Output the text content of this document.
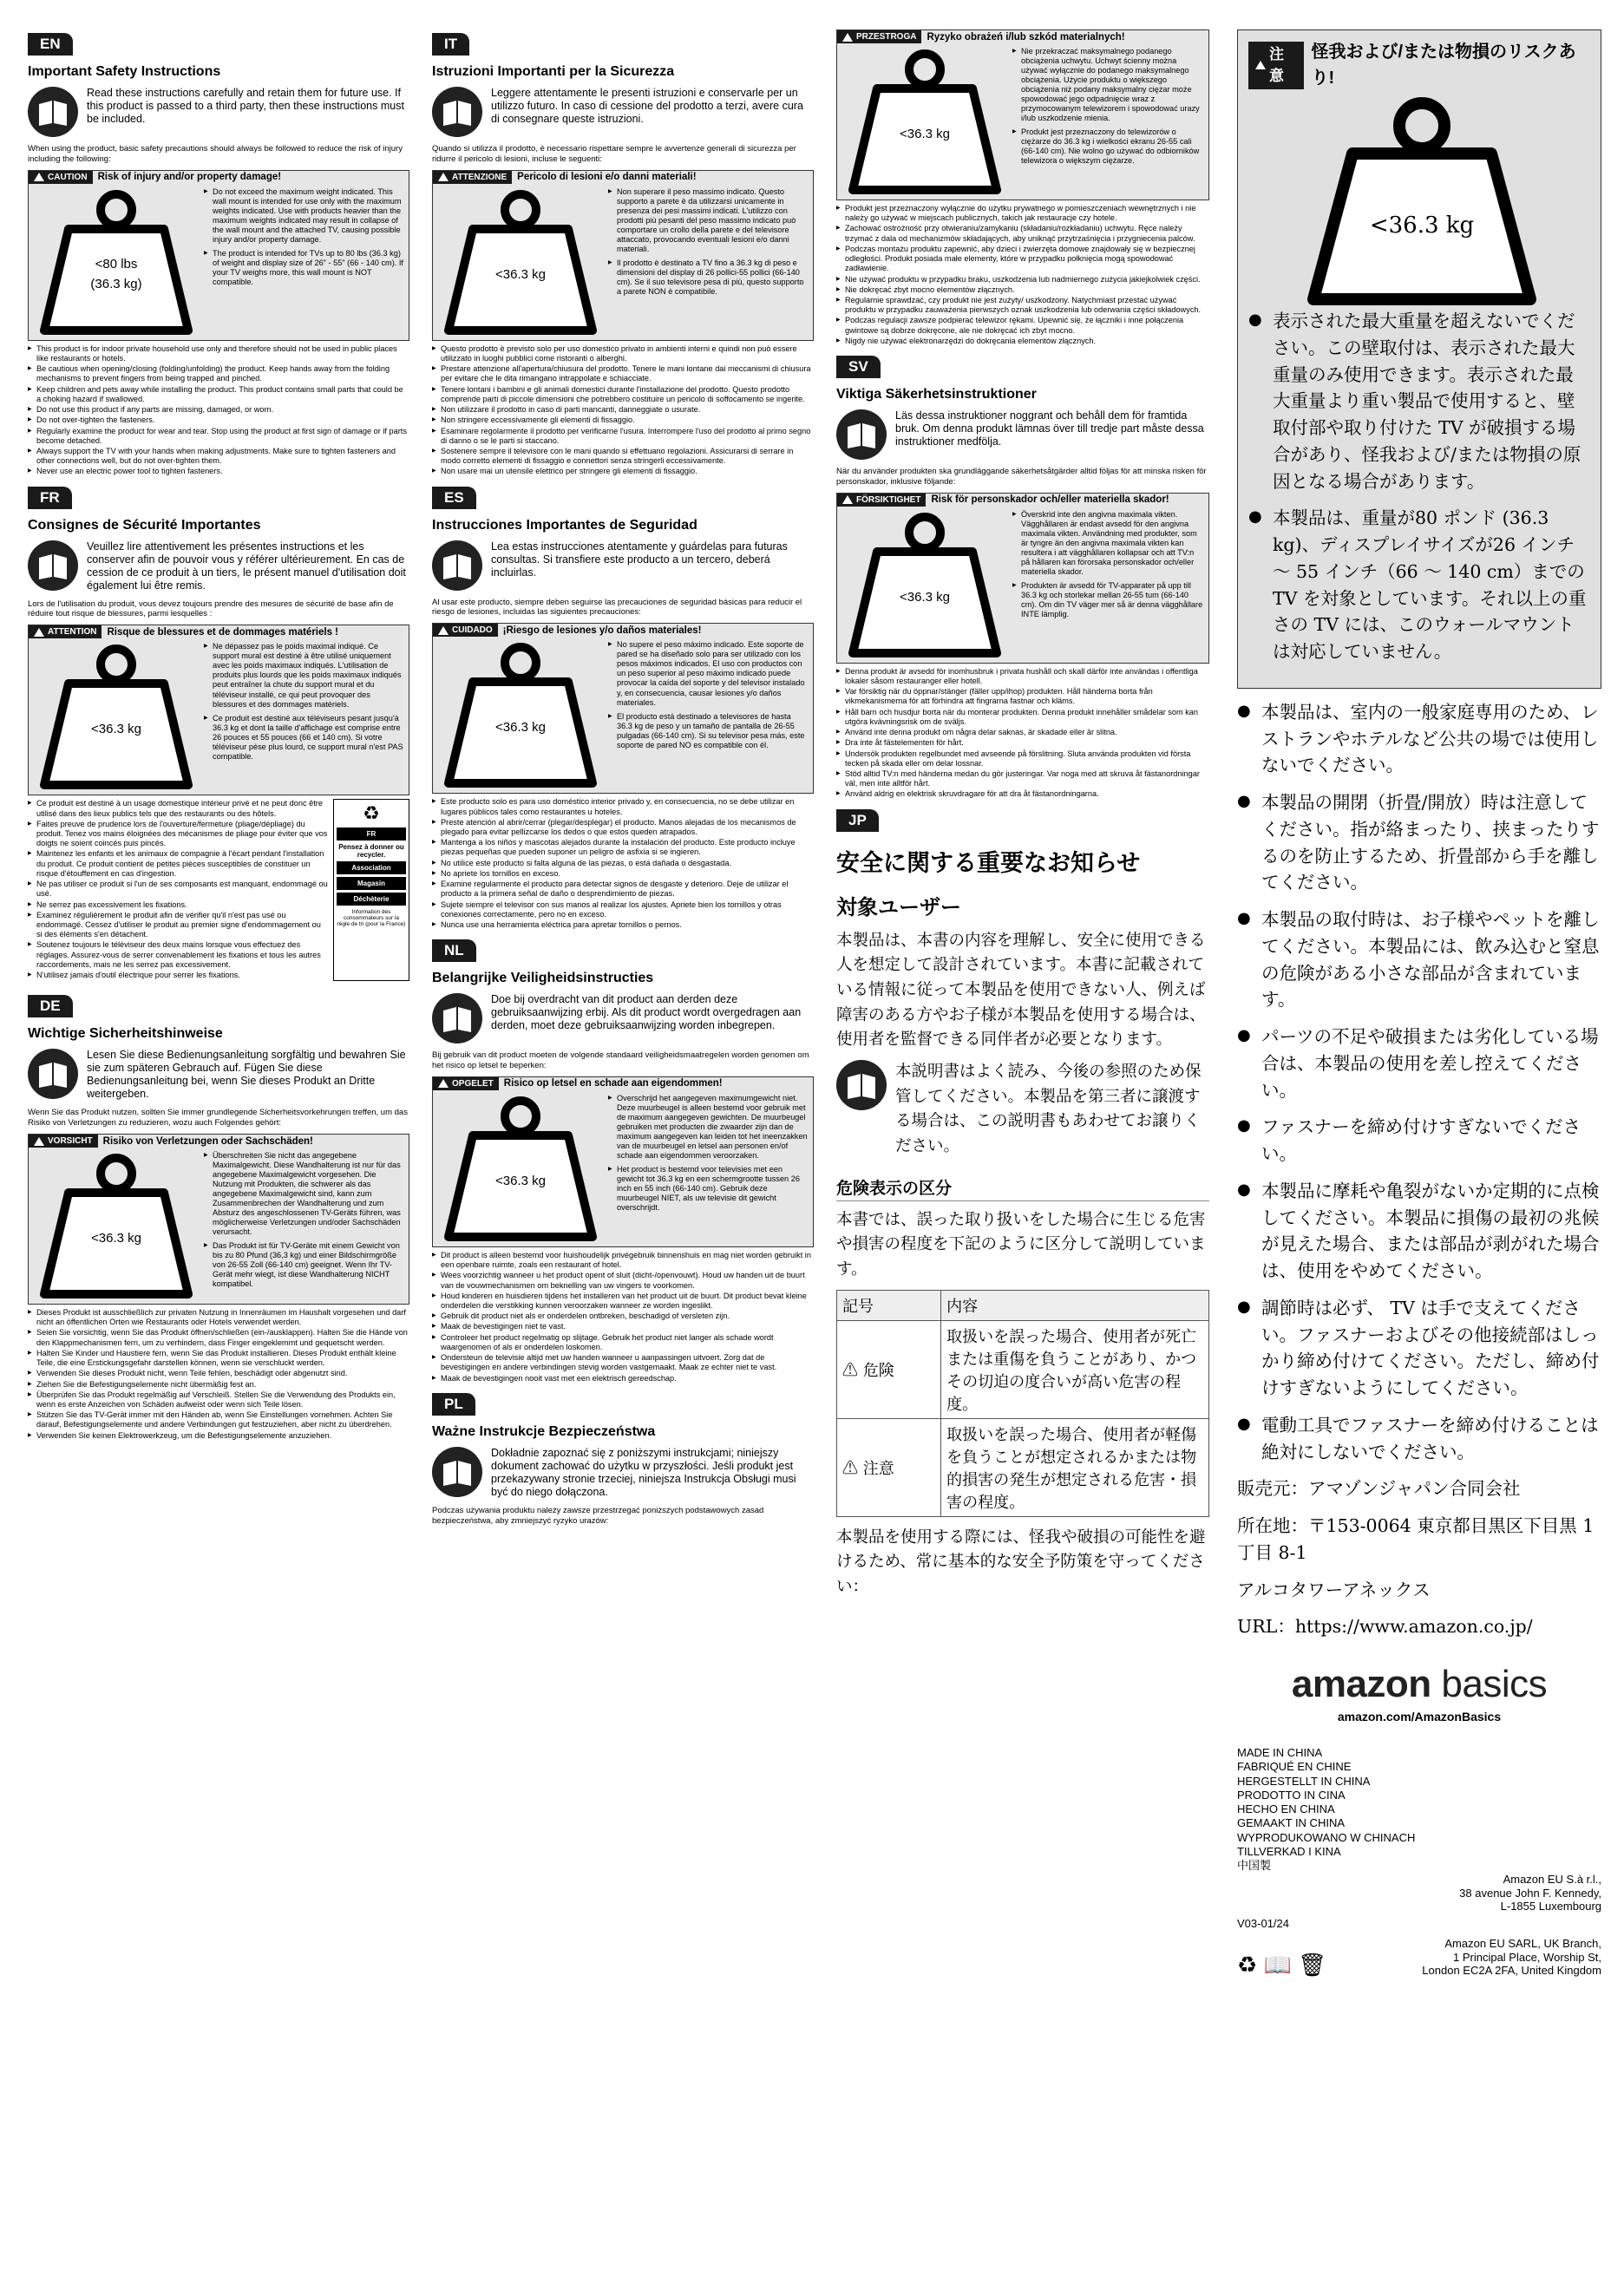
EN
Important Safety Instructions
Read these instructions carefully and retain them for future use. If this product is passed to a third party, then these instructions must be included.
When using the product, basic safety precautions should always be followed to reduce the risk of injury including the following:
CAUTION Risk of injury and/or property damage!
<80 lbs
(36.3 kg)

▶ Do not exceed the maximum weight indicated. This wall mount is intended for use only with the maximum weights indicated. Use with products heavier than the maximum weights indicated may result in collapse of the wall mount and the attached TV, causing possible injury and/or property damage.

▶ The product is intended for TVs up to 80 lbs (36.3 kg) of weight and display size of 26" - 55" (66 - 140 cm). If your TV weighs more, this wall mount is NOT compatible.

▶ This product is for indoor private household use only and therefore should not be used in public places like restaurants or hotels.

▶ Be cautious when opening/closing (folding/unfolding) the product. Keep hands away from the folding mechanisms to prevent fingers from being trapped and pinched.

▶ Keep children and pets away while installing the product. This product contains small parts that could be a choking hazard if swallowed.

▶ Do not use this product if any parts are missing, damaged, or worn.

▶ Do not over-tighten the fasteners.

▶ Regularly examine the product for wear and tear. Stop using the product at first sign of damage or if parts become detached.

▶ Always support the TV with your hands when making adjustments. Make sure to tighten fasteners and other connections well, but do not over-tighten them.

▶ Never use an electric power tool to tighten fasteners.

FR
Consignes de Sécurité Importantes
Veuillez lire attentivement les présentes instructions et les conserver afin de pouvoir vous y référer ultérieurement. En cas de cession de ce produit à un tiers, le présent manuel d'utilisation doit également lui être remis.
Lors de l'utilisation du produit, vous devez toujours prendre des mesures de sécurité de base afin de réduire tout risque de blessures, parmi lesquelles :
ATTENTION Risque de blessures et de dommages matériels !
<36.3 kg

▶ Ne dépassez pas le poids maximal indiqué. Ce support mural est destiné à être utilisé uniquement avec les poids maximaux indiqués. L'utilisation de produits plus lourds que les poids maximaux indiqués peut entraîner la chute du support mural et du téléviseur installé, ce qui peut provoquer des blessures et des dommages matériels.

▶ Ce produit est destiné aux téléviseurs pesant jusqu'à 36.3 kg et dont la taille d'affichage est comprise entre 26 pouces et 55 pouces (66 et 140 cm). Si votre téléviseur pèse plus lourd, ce support mural n'est PAS compatible.

▶ Ce produit est destiné à un usage domestique intérieur privé et ne peut donc être utilisé dans des lieux publics tels que des restaurants ou des hôtels.

▶ Faites preuve de prudence lors de l'ouverture/fermeture (pliage/dépliage) du produit. Tenez vos mains éloignées des mécanismes de pliage pour éviter que vos doigts ne soient coincés puis pincés.

▶ Maintenez les enfants et les animaux de compagnie à l'écart pendant l'installation du produit. Ce produit contient de petites pièces susceptibles de constituer un risque d'étouffement en cas d'ingestion.

▶ Ne pas utiliser ce produit si l'un de ses composants est manquant, endommagé ou usé.

▶ Ne serrez pas excessivement les fixations.

▶ Examinez régulièrement le produit afin de vérifier qu'il n'est pas usé ou endommagé. Cessez d'utiliser le produit au premier signe d'endommagement ou si des éléments s'en détachent.

▶ Soutenez toujours le téléviseur des deux mains lorsque vous effectuez des réglages. Assurez-vous de serrer convenablement les fixations et tous les autres raccordements, mais ne les serrez pas excessivement.

▶ N'utilisez jamais d'outil électrique pour serrer les fixations.

♻
FR
Pensez à donner ou recycler.
Association
Magasin
Déchèterie
Information des consommateurs sur la règle de tri (pour la France)
DE
Wichtige Sicherheitshinweise
Lesen Sie diese Bedienungsanleitung sorgfältig und bewahren Sie sie zum späteren Gebrauch auf. Fügen Sie diese Bedienungsanleitung bei, wenn Sie dieses Produkt an Dritte weitergeben.
Wenn Sie das Produkt nutzen, sollten Sie immer grundlegende Sicherheitsvorkehrungen treffen, um das Risiko von Verletzungen zu reduzieren, wozu auch Folgendes gehört:
VORSICHT Risiko von Verletzungen oder Sachschäden!
<36.3 kg

▶ Überschreiten Sie nicht das angegebene Maximalgewicht. Diese Wandhalterung ist nur für das angegebene Maximalgewicht vorgesehen. Die Nutzung mit Produkten, die schwerer als das angegebene Maximalgewicht sind, kann zum Zusammenbrechen der Wandhalterung und zum Absturz des angeschlossenen TV-Geräts führen, was möglicherweise Verletzungen und/oder Sachschäden verursacht.

▶ Das Produkt ist für TV-Geräte mit einem Gewicht von bis zu 80 Pfund (36,3 kg) und einer Bildschirmgröße von 26-55 Zoll (66-140 cm) geeignet. Wenn Ihr TV-Gerät mehr wiegt, ist diese Wandhalterung NICHT kompatibel.

▶ Dieses Produkt ist ausschließlich zur privaten Nutzung in Innenräumen im Haushalt vorgesehen und darf nicht an öffentlichen Orten wie Restaurants oder Hotels verwendet werden.

▶ Seien Sie vorsichtig, wenn Sie das Produkt öffnen/schließen (ein-/ausklappen). Halten Sie die Hände von den Klappmechanismen fern, um zu verhindern, dass Finger eingeklemmt und gequetscht werden.

▶ Halten Sie Kinder und Haustiere fern, wenn Sie das Produkt installieren. Dieses Produkt enthält kleine Teile, die eine Erstickungsgefahr darstellen können, wenn sie verschluckt werden.

▶ Verwenden Sie dieses Produkt nicht, wenn Teile fehlen, beschädigt oder abgenutzt sind.

▶ Ziehen Sie die Befestigungselemente nicht übermäßig fest an.

▶ Überprüfen Sie das Produkt regelmäßig auf Verschleiß. Stellen Sie die Verwendung des Produkts ein, wenn es erste Anzeichen von Schäden aufweist oder wenn sich Teile lösen.

▶ Stützen Sie das TV-Gerät immer mit den Händen ab, wenn Sie Einstellungen vornehmen. Achten Sie darauf, Befestigungselemente und andere Verbindungen gut festzuziehen, aber nicht zu überdrehen.

▶ Verwenden Sie keinen Elektrowerkzeug, um die Befestigungselemente anzuziehen.

IT
Istruzioni Importanti per la Sicurezza
Leggere attentamente le presenti istruzioni e conservarle per un utilizzo futuro. In caso di cessione del prodotto a terzi, avere cura di consegnare queste istruzioni.
Quando si utilizza il prodotto, è necessario rispettare sempre le avvertenze generali di sicurezza per ridurre il pericolo di lesioni, incluse le seguenti:
ATTENZIONE Pericolo di lesioni e/o danni materiali!
<36.3 kg

▶ Non superare il peso massimo indicato. Questo supporto a parete è da utilizzarsi unicamente in presenza dei pesi massimi indicati. L'utilizzo con prodotti più pesanti del peso massimo indicato può comportare un crollo della parete e del televisore attaccato, provocando eventuali lesioni e/o danni materiali.

▶ Il prodotto è destinato a TV fino a 36.3 kg di peso e dimensioni del display di 26 pollici-55 pollici (66-140 cm). Se il suo televisore pesa di più, questo supporto a parete NON è compatibile.

▶ Questo prodotto è previsto solo per uso domestico privato in ambienti interni e quindi non può essere utilizzato in luoghi pubblici come ristoranti o alberghi.

▶ Prestare attenzione all'apertura/chiusura del prodotto. Tenere le mani lontane dai meccanismi di chiusura per evitare che le dita rimangano intrappolate e schiacciate.

▶ Tenere lontani i bambini e gli animali domestici durante l'installazione del prodotto. Questo prodotto comprende parti di piccole dimensioni che potrebbero costituire un pericolo di soffocamento se ingerite.

▶ Non utilizzare il prodotto in caso di parti mancanti, danneggiate o usurate.

▶ Non stringere eccessivamente gli elementi di fissaggio.

▶ Esaminare regolarmente il prodotto per verificarne l'usura. Interrompere l'uso del prodotto al primo segno di danno o se le parti si staccano.

▶ Sostenere sempre il televisore con le mani quando si effettuano regolazioni. Assicurarsi di serrare in modo corretto elementi di fissaggio e connettori senza stringerli eccessivamente.

▶ Non usare mai un utensile elettrico per stringere gli elementi di fissaggio.

ES
Instrucciones Importantes de Seguridad
Lea estas instrucciones atentamente y guárdelas para futuras consultas. Si transfiere este producto a un tercero, deberá incluirlas.
Al usar este producto, siempre deben seguirse las precauciones de seguridad básicas para reducir el riesgo de lesiones, incluidas las siguientes precauciones:
CUIDADO ¡Riesgo de lesiones y/o daños materiales!
<36.3 kg

▶ No supere el peso máximo indicado. Este soporte de pared se ha diseñado solo para ser utilizado con los pesos máximos indicados. El uso con productos con un peso superior al peso máximo indicado puede provocar la caída del soporte y del televisor instalado y, en consecuencia, causar lesiones y/o daños materiales.

▶ El producto está destinado a televisores de hasta 36.3 kg de peso y un tamaño de pantalla de 26-55 pulgadas (66-140 cm). Si su televisor pesa más, este soporte de pared NO es compatible con él.

▶ Este producto solo es para uso doméstico interior privado y, en consecuencia, no se debe utilizar en lugares públicos tales como restaurantes u hoteles.

▶ Preste atención al abrir/cerrar (plegar/desplegar) el producto. Manos alejadas de los mecanismos de plegado para evitar pellizcarse los dedos o que estos queden atrapados.

▶ Mantenga a los niños y mascotas alejados durante la instalación del producto. Este producto incluye piezas pequeñas que pueden suponer un peligro de asfixia si se ingieren.

▶ No utilice este producto si falta alguna de las piezas, o está dañada o desgastada.

▶ No apriete los tornillos en exceso.

▶ Examine regularmente el producto para detectar signos de desgaste y deterioro. Deje de utilizar el producto a la primera señal de daño o desprendimiento de piezas.

▶ Sujete siempre el televisor con sus manos al realizar los ajustes. Apriete bien los tornillos y otras conexiones correctamente, pero no en exceso.

▶ Nunca use una herramienta eléctrica para apretar tornillos o pernos.

NL
Belangrijke Veiligheidsinstructies
Doe bij overdracht van dit product aan derden deze gebruiksaanwijzing erbij. Als dit product wordt overgedragen aan derden, moet deze gebruiksaanwijzing worden inbegrepen.
Bij gebruik van dit product moeten de volgende standaard veiligheidsmaatregelen worden genomen om het risico op letsel te beperken:
OPGELET Risico op letsel en schade aan eigendommen!
<36.3 kg

▶ Overschrijd het aangegeven maximumgewicht niet. Deze muurbeugel is alleen bestemd voor gebruik met de maximum aangegeven gewichten. De muurbeugel gebruiken met producten die zwaarder zijn dan de maximum aangegeven kan leiden tot het ineenzakken van de muurbeugel en letsel aan personen en/of schade aan eigendommen veroorzaken.

▶ Het product is bestemd voor televisies met een gewicht tot 36.3 kg en een schermgrootte tussen 26 inch en 55 inch (66-140 cm). Gebruik deze muurbeugel NIET, als uw televisie dit gewicht overschrijdt.

▶ Dit product is alleen bestemd voor huishoudelijk privégebruik binnenshuis en mag niet worden gebruikt in een openbare ruimte, zoals een restaurant of hotel.

▶ Wees voorzichtig wanneer u het product opent of sluit (dicht-/openvouwt). Houd uw handen uit de buurt van de vouwmechanismen om beknelling van uw vingers te voorkomen.

▶ Houd kinderen en huisdieren tijdens het installeren van het product uit de buurt. Dit product bevat kleine onderdelen die verstikking kunnen veroorzaken wanneer ze worden ingeslikt.

▶ Gebruik dit product niet als er onderdelen ontbreken, beschadigd of versleten zijn.

▶ Maak de bevestigingen niet te vast.

▶ Controleer het product regelmatig op slijtage. Gebruik het product niet langer als schade wordt waargenomen of als er onderdelen loskomen.

▶ Ondersteun de televisie altijd met uw handen wanneer u aanpassingen uitvoert. Zorg dat de bevestigingen en andere verbindingen stevig worden vastgemaakt. Maak ze echter niet te vast.

▶ Maak de bevestigingen nooit vast met een elektrisch gereedschap.

PL
Ważne Instrukcje Bezpieczeństwa
Dokładnie zapoznać się z poniższymi instrukcjami; niniejszy dokument zachować do użytku w przyszłości. Jeśli produkt jest przekazywany stronie trzeciej, niniejsza Instrukcja Obsługi musi być do niego dołączona.
Podczas używania produktu należy zawsze przestrzegać poniższych podstawowych zasad bezpieczeństwa, aby zmniejszyć ryzyko urazów:
PRZESTROGA Ryzyko obrażeń i/lub szkód materialnych!
<36.3 kg

▶ Nie przekraczać maksymalnego podanego obciążenia uchwytu. Uchwyt ścienny można używać wyłącznie do podanego maksymalnego obciążenia. Użycie produktu o większego obciążenia niż podany maksymalny ciężar może spowodować jego odpadnięcie wraz z przymocowanym telewizorem i spowodować urazy i/lub uszkodzenie mienia.

▶ Produkt jest przeznaczony do telewizorów o ciężarze do 36.3 kg i wielkości ekranu 26-55 cali (66-140 cm). Nie wolno go używać do odbiorników telewizora o większym ciężarze.

▶ Produkt jest przeznaczony wyłącznie do użytku prywatnego w pomieszczeniach wewnętrznych i nie należy go używać w miejscach publicznych, takich jak restauracje czy hotele.

▶ Zachować ostrożność przy otwieraniu/zamykaniu (składaniu/rozkładaniu) uchwytu. Ręce należy trzymać z dala od mechanizmów składających, aby uniknąć przytrzaśnięcia i przygniecenia palców.

▶ Podczas montażu produktu zapewnić, aby dzieci i zwierzęta domowe znajdowały się w bezpiecznej odległości. Produkt posiada małe elementy, które w przypadku połknięcia mogą spowodować zadławienie.

▶ Nie używać produktu w przypadku braku, uszkodzenia lub nadmiernego zużycia jakiejkolwiek części.

▶ Nie dokręcać zbyt mocno elementów złącznych.

▶ Regularnie sprawdzać, czy produkt nie jest zużyty/ uszkodzony. Natychmiast przestać używać produktu w przypadku zauważenia pierwszych oznak uszkodzenia lub oderwania części składowych.

▶ Podczas regulacji zawsze podpierać telewizor rękami. Upewnić się, że łączniki i inne połączenia gwintowe są dobrze dokręcone, ale nie dokręcać ich zbyt mocno.

▶ Nigdy nie używać elektronarzędzi do dokręcania elementów złącznych.

SV
Viktiga Säkerhetsinstruktioner
Läs dessa instruktioner noggrant och behåll dem för framtida bruk. Om denna produkt lämnas över till tredje part måste dessa instruktioner medfölja.
När du använder produkten ska grundläggande säkerhetsåtgärder alltid följas för att minska risken för personskador, inklusive följande:
FÖRSIKTIGHET Risk för personskador och/eller materiella skador!
<36.3 kg

▶ Överskrid inte den angivna maximala vikten. Vägghållaren är endast avsedd för den angivna maximala vikten. Användning med produkter, som är tyngre än den angivna maximala vikten kan resultera i att vägghållaren kollapsar och att TV:n på hållaren kan förorsaka personskador och/eller materiella skador.

▶ Produkten är avsedd för TV-apparater på upp till 36.3 kg och storlekar mellan 26-55 tum (66-140 cm). Om din TV väger mer så är denna vägghållare INTE lämplig.

▶ Denna produkt är avsedd för inomhusbruk i privata hushåll och skall därför inte användas i offentliga lokaler såsom restauranger eller hotell.

▶ Var försiktig när du öppnar/stänger (fäller upp/ihop) produkten. Håll händerna borta från vikmekanismerna för att förhindra att fingrarna fastnar och kläms.

▶ Håll barn och husdjur borta när du monterar produkten. Denna produkt innehåller smådelar som kan utgöra kvävningsrisk om de sväljs.

▶ Använd inte denna produkt om några delar saknas, är skadade eller är slitna.

▶ Dra inte åt fästelementen för hårt.

▶ Undersök produkten regelbundet med avseende på förslitning. Sluta använda produkten vid första tecken på skada eller om delar lossnar.

▶ Stöd alltid TV:n med händerna medan du gör justeringar. Var noga med att skruva åt fästanordningar väl, men inte alltför hårt.

▶ Använd aldrig en elektrisk skruvdragare för att dra åt fästanordningarna.

JP
安全に関する重要なお知らせ
対象ユーザー
本製品は、本書の内容を理解し、安全に使用できる人を想定して設計されています。本書に記載されている情報に従って本製品を使用できない人、例えば障害のある方やお子様が本製品を使用する場合は、使用者を監督できる同伴者が必要となります。
本説明書はよく読み、今後の参照のため保管してください。本製品を第三者に譲渡する場合は、この説明書もあわせてお譲りください。
危険表示の区分
本書では、誤った取り扱いをした場合に生じる危害や損害の程度を下記のように区分して説明しています。
記号	内容
⚠ 危険	取扱いを誤った場合、使用者が死亡または重傷を負うことがあり、かつその切迫の度合いが高い危害の程度。
⚠ 注意	取扱いを誤った場合、使用者が軽傷を負うことが想定されるかまたは物的損害の発生が想定される危害・損害の程度。
本製品を使用する際には、怪我や破損の可能性を避けるため、常に基本的な安全予防策を守ってください：
注意
怪我および/または物損のリスクあり!
<36.3 kg

● 表示された最大重量を超えないでください。この壁取付は、表示された最大重量のみ使用できます。表示された最大重量より重い製品で使用すると、壁取付部や取り付けた TV が破損する場合があり、怪我および/または物損の原因となる場合があります。

● 本製品は、重量が80 ポンド (36.3 kg)、ディスプレイサイズが26 インチ ～ 55 インチ（66 ～ 140 cm）までの TV を対象としています。それ以上の重さの TV には、このウォールマウントは対応していません。

● 本製品は、室内の一般家庭専用のため、レストランやホテルなど公共の場では使用しないでください。

● 本製品の開閉（折畳/開放）時は注意してください。指が絡まったり、挟まったりするのを防止するため、折畳部から手を離してください。

● 本製品の取付時は、お子様やペットを離してください。本製品には、飲み込むと窒息の危険がある小さな部品が含まれています。

● パーツの不足や破損または劣化している場合は、本製品の使用を差し控えてください。

● ファスナーを締め付けすぎないでください。

● 本製品に摩耗や亀裂がないか定期的に点検してください。本製品に損傷の最初の兆候が見えた場合、または部品が剥がれた場合は、使用をやめてください。

● 調節時は必ず、 TV は手で支えてください。ファスナーおよびその他接続部はしっかり締め付けてください。ただし、締め付けすぎないようにしてください。

● 電動工具でファスナーを締め付けることは絶対にしないでください。

販売元：アマゾンジャパン合同会社
所在地：〒153-0064 東京都目黒区下目黒 1 丁目 8-1
アルコタワーアネックス
URL：https://www.amazon.co.jp/
amazon basics
amazon.com/AmazonBasics
MADE IN CHINA
FABRIQUÉ EN CHINE
HERGESTELLT IN CHINA
PRODOTTO IN CINA
HECHO EN CHINA
GEMAAKT IN CHINA
WYPRODUKOWANO W CHINACH
TILLVERKAD I KINA
中国製
Amazon EU S.à r.l.,
38 avenue John F. Kennedy,
L-1855 Luxembourg
V03-01/24
Amazon EU SARL, UK Branch,
1 Principal Place, Worship St,
London EC2A 2FA, United Kingdom
♻ 📖 🗑
